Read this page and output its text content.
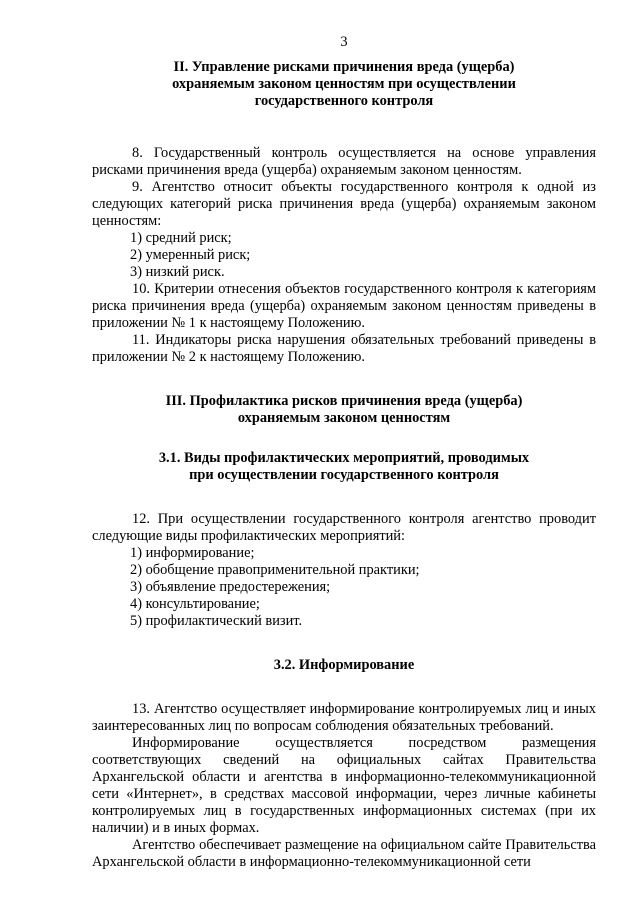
3
II. Управление рисками причинения вреда (ущерба)
охраняемым законом ценностям при осуществлении
государственного контроля

8. Государственный контроль осуществляется на основе управления рисками причинения вреда (ущерба) охраняемым законом ценностям.

9. Агентство относит объекты государственного контроля к одной из следующих категорий риска причинения вреда (ущерба) охраняемым законом ценностям:

1) средний риск;
2) умеренный риск;
3) низкий риск.

10. Критерии отнесения объектов государственного контроля к категориям риска причинения вреда (ущерба) охраняемым законом ценностям приведены в приложении № 1 к настоящему Положению.

11. Индикаторы риска нарушения обязательных требований приведены в приложении № 2 к настоящему Положению.

III. Профилактика рисков причинения вреда (ущерба)
охраняемым законом ценностям
3.1. Виды профилактических мероприятий, проводимых
при осуществлении государственного контроля

12. При осуществлении государственного контроля агентство проводит следующие виды профилактических мероприятий:

1) информирование;
2) обобщение правоприменительной практики;
3) объявление предостережения;
4) консультирование;
5) профилактический визит.
3.2. Информирование

13. Агентство осуществляет информирование контролируемых лиц и иных заинтересованных лиц по вопросам соблюдения обязательных требований.

Информирование осуществляется посредством размещения соответствующих сведений на официальных сайтах Правительства Архангельской области и агентства в информационно-телекоммуникационной сети «Интернет», в средствах массовой информации, через личные кабинеты контролируемых лиц в государственных информационных системах (при их наличии) и в иных формах.

Агентство обеспечивает размещение на официальном сайте Правительства Архангельской области в информационно-телекоммуникационной сети
